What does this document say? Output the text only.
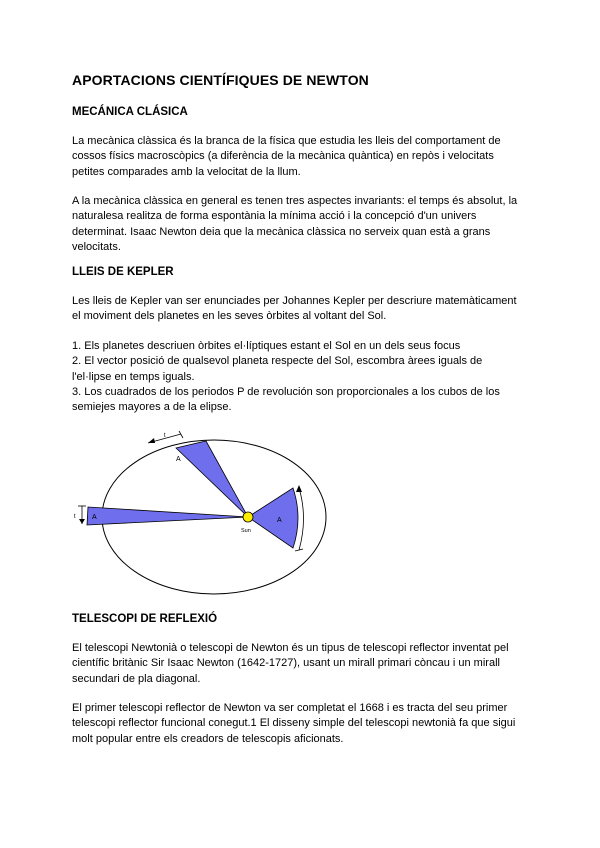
APORTACIONS CIENTÍFIQUES DE NEWTON
MECÁNICA CLÁSICA
La mecànica clàssica és la branca de la física que estudia les lleis del comportament de
cossos físics macroscòpics (a diferència de la mecànica quàntica) en repòs i velocitats
petites comparades amb la velocitat de la llum.
A la mecànica clàssica en general es tenen tres aspectes invariants: el temps és absolut, la
naturalesa realitza de forma espontània la mínima acció i la concepció d'un univers
determinat. Isaac Newton deia que la mecànica clàssica no serveix quan està a grans
velocitats.
LLEIS DE KEPLER
Les lleis de Kepler van ser enunciades per Johannes Kepler per descriure matemàticament
el moviment dels planetes en les seves òrbites al voltant del Sol.
1. Els planetes descriuen òrbites el·líptiques estant el Sol en un dels seus focus
2. El vector posició de qualsevol planeta respecte del Sol, escombra àrees iguals de
l'el·lipse en temps iguals.
3. Los cuadrados de los periodos P de revolución son proporcionales a los cubos de los
semiejes mayores a de la elipse.
A
A	A
Sun
t
t
TELESCOPI DE REFLEXIÓ
El telescopi Newtonià o telescopi de Newton és un tipus de telescopi reflector inventat pel
científic britànic Sir Isaac Newton (1642-1727), usant un mirall primari còncau i un mirall
secundari de pla diagonal.
El primer telescopi reflector de Newton va ser completat el 1668 i es tracta del seu primer
telescopi reflector funcional conegut.1 El disseny simple del telescopi newtonià fa que sigui
molt popular entre els creadors de telescopis aficionats.
